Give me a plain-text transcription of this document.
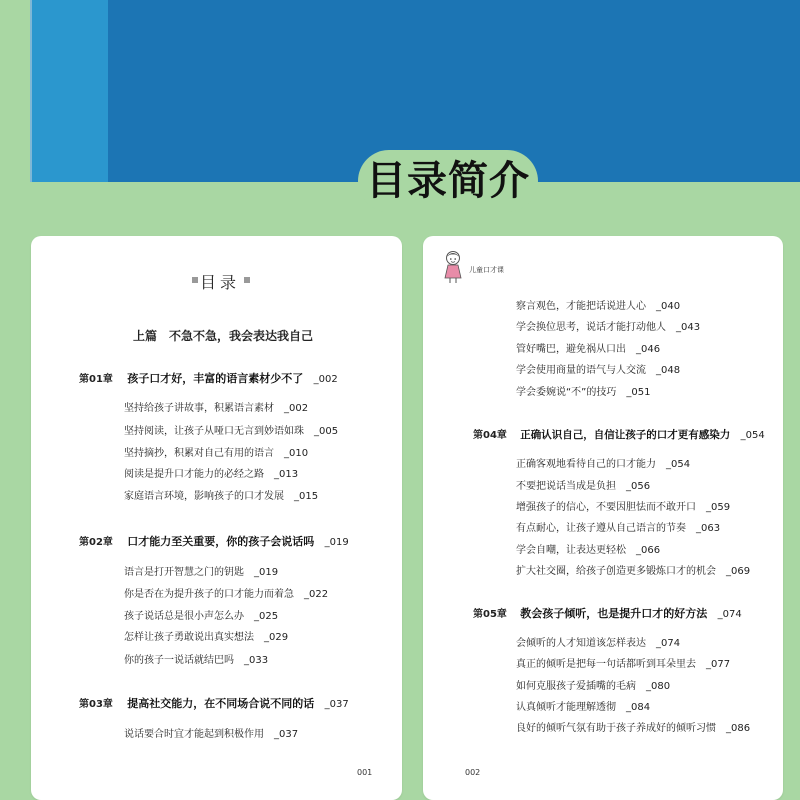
目录简介
目录
上篇　不急不急，我会表达我自己
第01章 孩子口才好，丰富的语言素材少不了 _002
坚持给孩子讲故事，积累语言素材　_002
坚持阅读，让孩子从哑口无言到妙语如珠　_005
坚持摘抄，积累对自己有用的语言　_010
阅读是提升口才能力的必经之路　_013
家庭语言环境，影响孩子的口才发展　_015
第02章 口才能力至关重要，你的孩子会说话吗 _019
语言是打开智慧之门的钥匙　_019
你是否在为提升孩子的口才能力而着急　_022
孩子说话总是很小声怎么办　_025
怎样让孩子勇敢说出真实想法　_029
你的孩子一说话就结巴吗　_033
第03章 提高社交能力，在不同场合说不同的话 _037
说话要合时宜才能起到积极作用　_037
001
儿童口才课
察言观色，才能把话说进人心　_040
学会换位思考，说话才能打动他人　_043
管好嘴巴，避免祸从口出　_046
学会使用商量的语气与人交流　_048
学会委婉说“不”的技巧　_051
第04章 正确认识自己，自信让孩子的口才更有感染力 _054
正确客观地看待自己的口才能力　_054
不要把说话当成是负担　_056
增强孩子的信心，不要因胆怯而不敢开口　_059
有点耐心，让孩子遵从自己语言的节奏　_063
学会自嘲，让表达更轻松　_066
扩大社交圈，给孩子创造更多锻炼口才的机会　_069
第05章 教会孩子倾听，也是提升口才的好方法 _074
会倾听的人才知道该怎样表达　_074
真正的倾听是把每一句话都听到耳朵里去　_077
如何克服孩子爱插嘴的毛病　_080
认真倾听才能理解透彻　_084
良好的倾听气氛有助于孩子养成好的倾听习惯　_086
002
